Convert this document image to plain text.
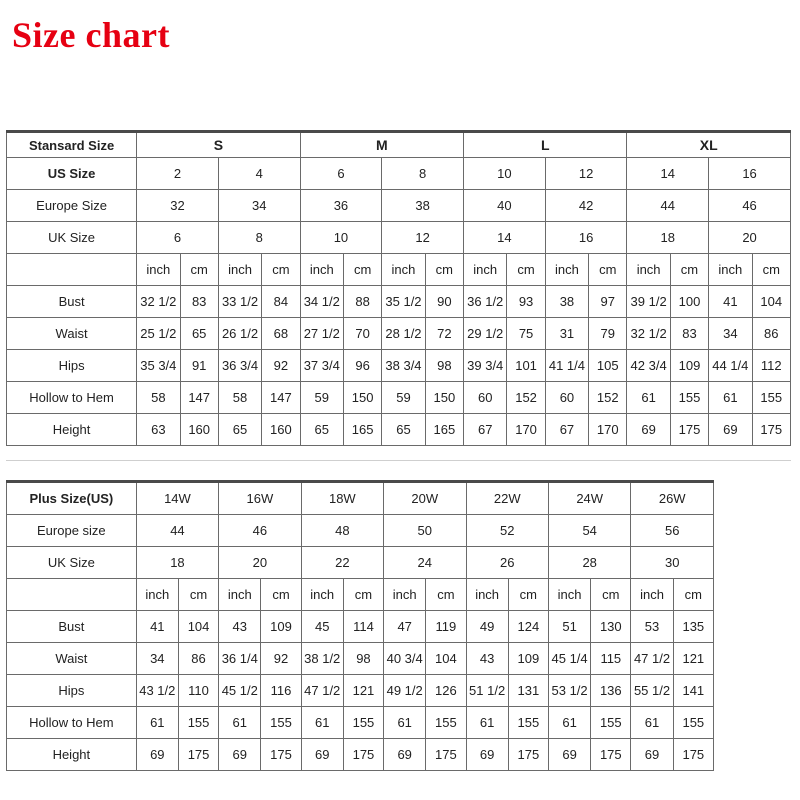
Size chart
Stansard Size	S				M				L				XL			
US Size	2		4		6		8		10		12		14		16	
Europe Size	32		34		36		38		40		42		44		46	
UK Size	6		8		10		12		14		16		18		20	
	inch	cm	inch	cm	inch	cm	inch	cm	inch	cm	inch	cm	inch	cm	inch	cm
Bust	32 1/2	83	33 1/2	84	34 1/2	88	35 1/2	90	36 1/2	93	38	97	39 1/2	100	41	104
Waist	25 1/2	65	26 1/2	68	27 1/2	70	28 1/2	72	29 1/2	75	31	79	32 1/2	83	34	86
Hips	35 3/4	91	36 3/4	92	37 3/4	96	38 3/4	98	39 3/4	101	41 1/4	105	42 3/4	109	44 1/4	112
Hollow to Hem	58	147	58	147	59	150	59	150	60	152	60	152	61	155	61	155
Height	63	160	65	160	65	165	65	165	67	170	67	170	69	175	69	175
Plus Size(US)	14W		16W		18W		20W		22W		24W		26W	
Europe size	44		46		48		50		52		54		56	
UK Size	18		20		22		24		26		28		30	
	inch	cm	inch	cm	inch	cm	inch	cm	inch	cm	inch	cm	inch	cm
Bust	41	104	43	109	45	114	47	119	49	124	51	130	53	135
Waist	34	86	36 1/4	92	38 1/2	98	40 3/4	104	43	109	45 1/4	115	47 1/2	121
Hips	43 1/2	110	45 1/2	116	47 1/2	121	49 1/2	126	51 1/2	131	53 1/2	136	55 1/2	141
Hollow to Hem	61	155	61	155	61	155	61	155	61	155	61	155	61	155
Height	69	175	69	175	69	175	69	175	69	175	69	175	69	175
